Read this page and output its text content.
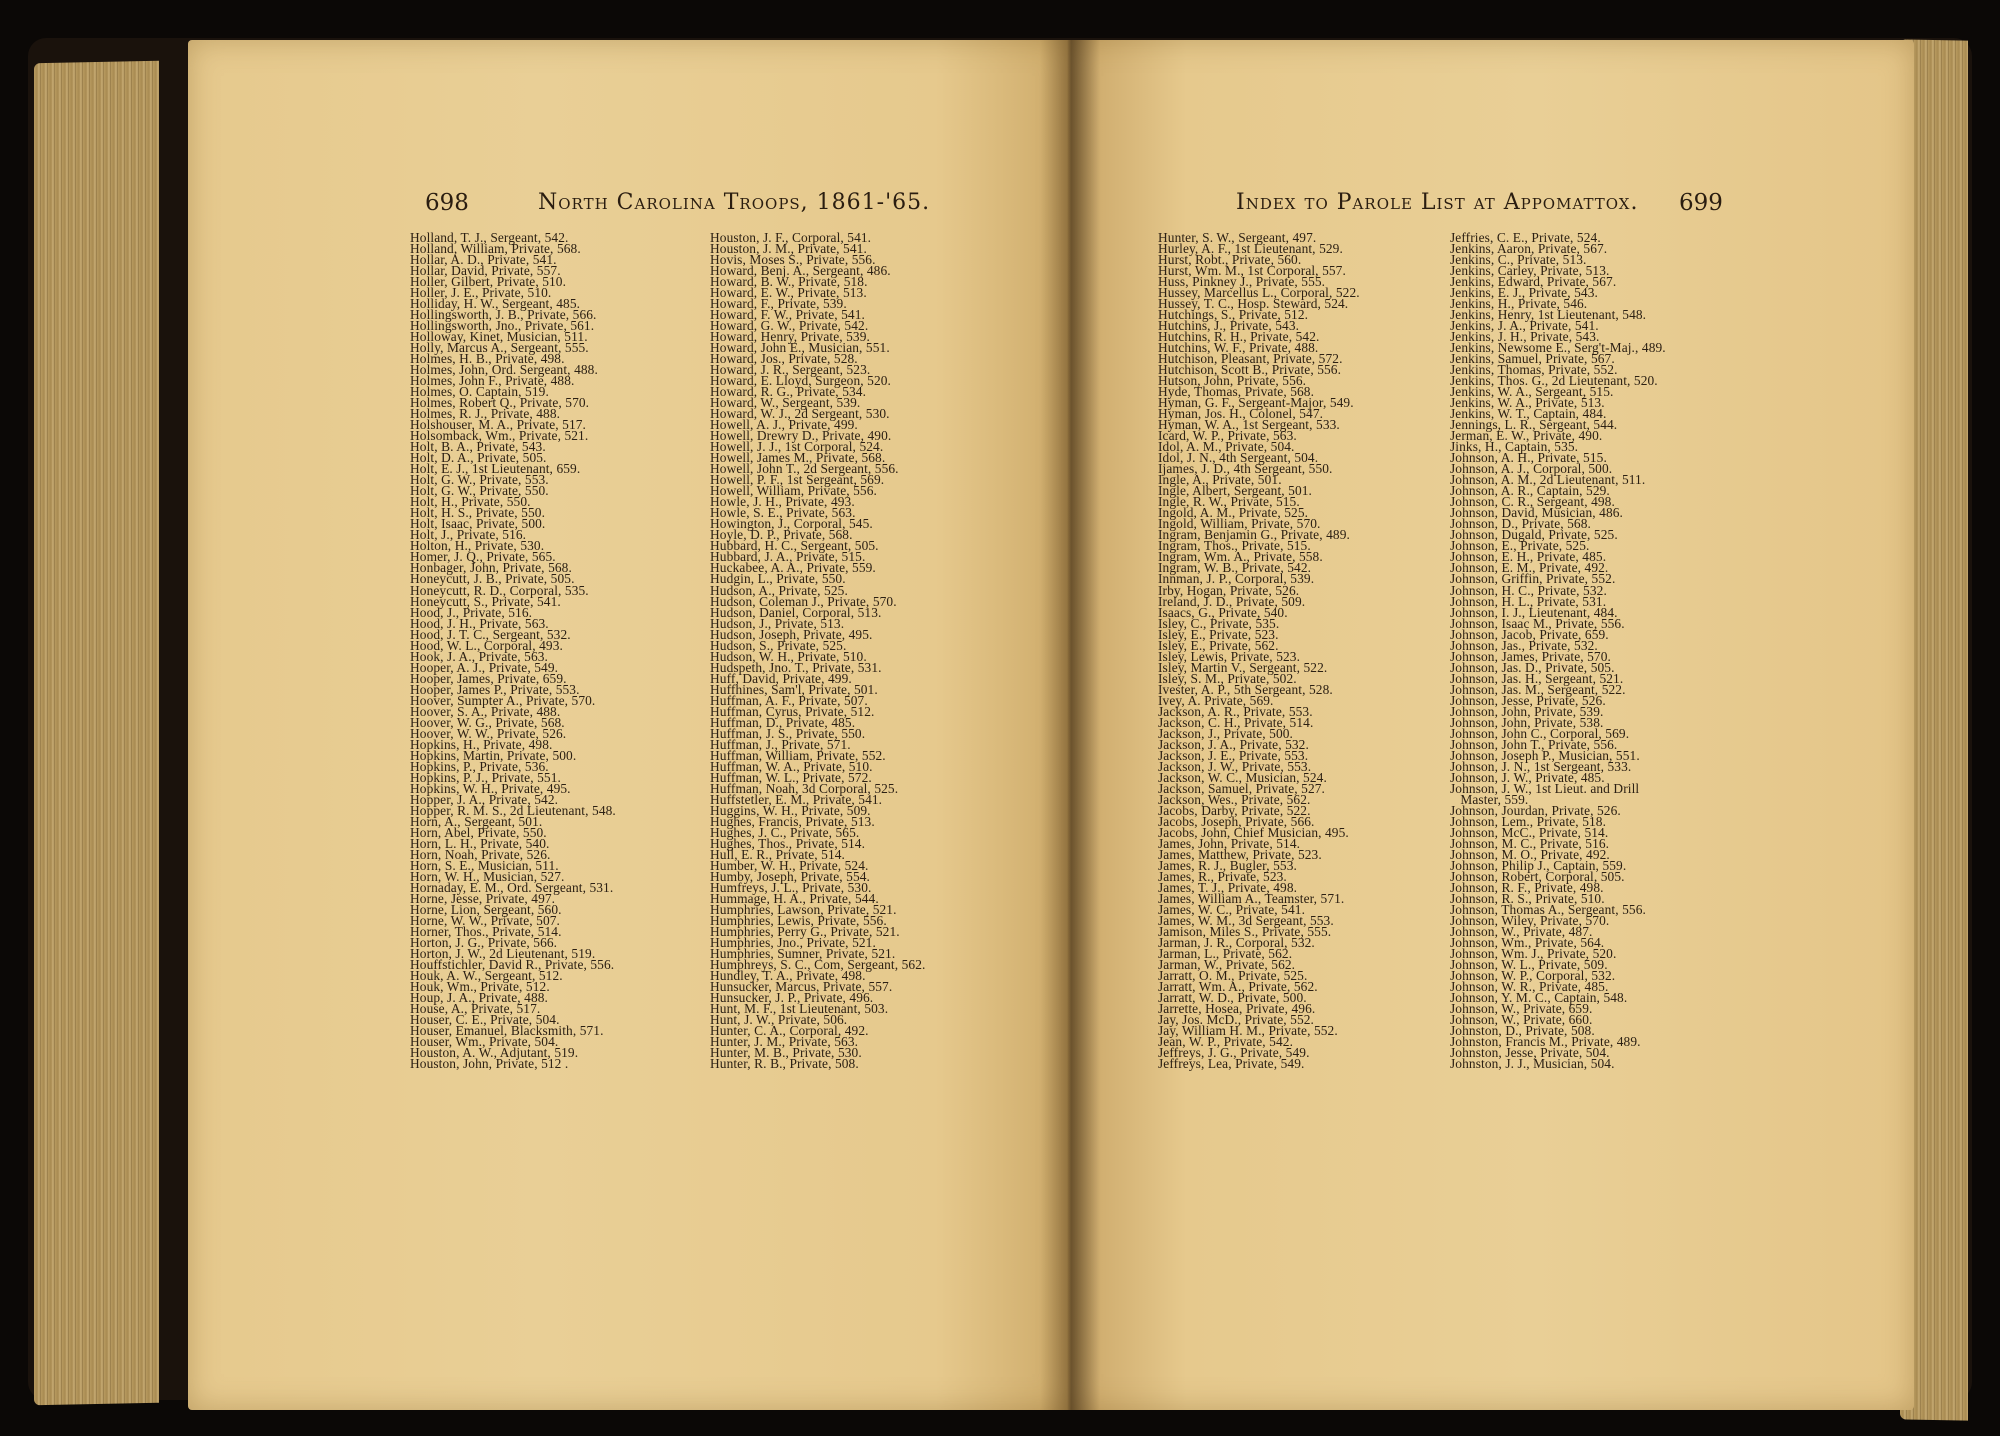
698	North Carolina Troops, 1861-'65.	Index to Parole List at Appomattox. 699
Holland, T. J., Sergeant, 542.
Holland, William, Private, 568.
Hollar, A. D., Private, 541.
Hollar, David, Private, 557.
Holler, Gilbert, Private, 510.
Holler, J. E., Private, 510.
Holliday, H. W., Sergeant, 485.
Hollingsworth, J. B., Private, 566.
Hollingsworth, Jno., Private, 561.
Holloway, Kinet, Musician, 511.
Holly, Marcus A., Sergeant, 555.
Holmes, H. B., Private, 498.
Holmes, John, Ord. Sergeant, 488.
Holmes, John F., Private, 488.
Holmes, O. Captain, 519.
Holmes, Robert Q., Private, 570.
Holmes, R. J., Private, 488.
Holshouser, M. A., Private, 517.
Holsomback, Wm., Private, 521.
Holt, B. A., Private, 543.
Holt, D. A., Private, 505.
Holt, E. J., 1st Lieutenant, 659.
Holt, G. W., Private, 553.
Holt, G. W., Private, 550.
Holt, H., Private, 550.
Holt, H. S., Private, 550.
Holt, Isaac, Private, 500.
Holt, J., Private, 516.
Holton, H., Private, 530.
Homer, J. Q., Private, 565.
Honbager, John, Private, 568.
Honeycutt, J. B., Private, 505.
Honeycutt, R. D., Corporal, 535.
Honeycutt, S., Private, 541.
Hood, J., Private, 516.
Hood, J. H., Private, 563.
Hood, J. T. C., Sergeant, 532.
Hood, W. L., Corporal, 493.
Hook, J. A., Private, 563.
Hooper, A. J., Private, 549.
Hooper, James, Private, 659.
Hooper, James P., Private, 553.
Hoover, Sumpter A., Private, 570.
Hoover, S. A., Private, 488.
Hoover, W. G., Private, 568.
Hoover, W. W., Private, 526.
Hopkins, H., Private, 498.
Hopkins, Martin, Private, 500.
Hopkins, P., Private, 536.
Hopkins, P. J., Private, 551.
Hopkins, W. H., Private, 495.
Hopper, J. A., Private, 542.
Hopper, R. M. S., 2d Lieutenant, 548.
Horn, A., Sergeant, 501.
Horn, Abel, Private, 550.
Horn, L. H., Private, 540.
Horn, Noah, Private, 526.
Horn, S. E., Musician, 511.
Horn, W. H., Musician, 527.
Hornaday, E. M., Ord. Sergeant, 531.
Horne, Jesse, Private, 497.
Horne, Lion, Sergeant, 560.
Horne, W. W., Private, 507.
Horner, Thos., Private, 514.
Horton, J. G., Private, 566.
Horton, J. W., 2d Lieutenant, 519.
Houffstichler, David R., Private, 556.
Houk, A. W., Sergeant, 512.
Houk, Wm., Private, 512.
Houp, J. A., Private, 488.
House, A., Private, 517.
Houser, C. E., Private, 504.
Houser, Emanuel, Blacksmith, 571.
Houser, Wm., Private, 504.
Houston, A. W., Adjutant, 519.
Houston, John, Private, 512 .
Houston, J. F., Corporal, 541.
Houston, J. M., Private, 541.
Hovis, Moses S., Private, 556.
Howard, Benj. A., Sergeant, 486.
Howard, B. W., Private, 518.
Howard, E. W., Private, 513.
Howard, F., Private, 539.
Howard, F. W., Private, 541.
Howard, G. W., Private, 542.
Howard, Henry, Private, 539.
Howard, John E., Musician, 551.
Howard, Jos., Private, 528.
Howard, J. R., Sergeant, 523.
Howard, E. Lloyd, Surgeon, 520.
Howard, R. G., Private, 534.
Howard, W., Sergeant, 539.
Howard, W. J., 2d Sergeant, 530.
Howell, A. J., Private, 499.
Howell, Drewry D., Private, 490.
Howell, J. J., 1st Corporal, 524.
Howell, James M., Private, 568.
Howell, John T., 2d Sergeant, 556.
Howell, P. F., 1st Sergeant, 569.
Howell, William, Private, 556.
Howle, J. H., Private, 493.
Howle, S. E., Private, 563.
Howington, J., Corporal, 545.
Hoyle, D. P., Private, 568.
Hubbard, H. C., Sergeant, 505.
Hubbard, J. A., Private, 515.
Huckabee, A. A., Private, 559.
Hudgin, L., Private, 550.
Hudson, A., Private, 525.
Hudson, Coleman J., Private, 570.
Hudson, Daniel, Corporal, 513.
Hudson, J., Private, 513.
Hudson, Joseph, Private, 495.
Hudson, S., Private, 525.
Hudson, W. H., Private, 510.
Hudspeth, Jno. T., Private, 531.
Huff, David, Private, 499.
Huffhines, Sam'l, Private, 501.
Huffman, A. F., Private, 507.
Huffman, Cyrus, Private, 512.
Huffman, D., Private, 485.
Huffman, J. S., Private, 550.
Huffman, J., Private, 571.
Huffman, William, Private, 552.
Huffman, W. A., Private, 510.
Huffman, W. L., Private, 572.
Huffman, Noah, 3d Corporal, 525.
Huffstetler, E. M., Private, 541.
Huggins, W. H., Private, 509.
Hughes, Francis, Private, 513.
Hughes, J. C., Private, 565.
Hughes, Thos., Private, 514.
Hull, E. R., Private, 514.
Humber, W. H., Private, 524.
Humby, Joseph, Private, 554.
Humfreys, J. L., Private, 530.
Hummage, H. A., Private, 544.
Humphries, Lawson, Private, 521.
Humphries, Lewis, Private, 556.
Humphries, Perry G., Private, 521.
Humphries, Jno., Private, 521.
Humphries, Sumner, Private, 521.
Humphreys, S. C., Com, Sergeant, 562.
Hundley, T. A., Private, 498.
Hunsucker, Marcus, Private, 557.
Hunsucker, J. P., Private, 496.
Hunt, M. F., 1st Lieutenant, 503.
Hunt, J. W., Private, 506.
Hunter, C. A., Corporal, 492.
Hunter, J. M., Private, 563.
Hunter, M. B., Private, 530.
Hunter, R. B., Private, 508.
Hunter, S. W., Sergeant, 497.
Hurley, A. F., 1st Lieutenant, 529.
Hurst, Robt., Private, 560.
Hurst, Wm. M., 1st Corporal, 557.
Huss, Pinkney J., Private, 555.
Hussey, Marcellus L., Corporal, 522.
Hussey, T. C., Hosp. Steward, 524.
Hutchings, S., Private, 512.
Hutchins, J., Private, 543.
Hutchins, R. H., Private, 542.
Hutchins, W. F., Private, 488.
Hutchison, Pleasant, Private, 572.
Hutchison, Scott B., Private, 556.
Hutson, John, Private, 556.
Hyde, Thomas, Private, 568.
Hyman, G. F., Sergeant-Major, 549.
Hyman, Jos. H., Colonel, 547.
Hyman, W. A., 1st Sergeant, 533.
Icard, W. P., Private, 563.
Idol, A. M., Private, 504.
Idol, J. N., 4th Sergeant, 504.
Ijames, J. D., 4th Sergeant, 550.
Ingle, A., Private, 501.
Ingle, Albert, Sergeant, 501.
Ingle, R. W., Private, 515.
Ingold, A. M., Private, 525.
Ingold, William, Private, 570.
Ingram, Benjamin G., Private, 489.
Ingram, Thos., Private, 515.
Ingram, Wm. A., Private, 558.
Ingram, W. B., Private, 542.
Innman, J. P., Corporal, 539.
Irby, Hogan, Private, 526.
Ireland, J. D., Private, 509.
Isaacs, G., Private, 540.
Isley, C., Private, 535.
Isley, E., Private, 523.
Isley, E., Private, 562.
Isley, Lewis, Private, 523.
Isley, Martin V., Sergeant, 522.
Isley, S. M., Private, 502.
Ivester, A. P., 5th Sergeant, 528.
Ivey, A. Private, 569.
Jackson, A. R., Private, 553.
Jackson, C. H., Private, 514.
Jackson, J., Private, 500.
Jackson, J. A., Private, 532.
Jackson, J. E., Private, 553.
Jackson, J. W., Private, 553.
Jackson, W. C., Musician, 524.
Jackson, Samuel, Private, 527.
Jackson, Wes., Private, 562.
Jacobs, Darby, Private, 522.
Jacobs, Joseph, Private, 566.
Jacobs, John, Chief Musician, 495.
James, John, Private, 514.
James, Matthew, Private, 523.
James, R. J., Bugler, 553.
James, R., Private, 523.
James, T. J., Private, 498.
James, William A., Teamster, 571.
James, W. C., Private, 541.
James, W. M., 3d Sergeant, 553.
Jamison, Miles S., Private, 555.
Jarman, J. R., Corporal, 532.
Jarman, L., Private, 562.
Jarman, W., Private, 562.
Jarratt, O. M., Private, 525.
Jarratt, Wm. A., Private, 562.
Jarratt, W. D., Private, 500.
Jarrette, Hosea, Private, 496.
Jay, Jos. McD., Private, 552.
Jay, William H. M., Private, 552.
Jean, W. P., Private, 542.
Jeffreys, J. G., Private, 549.
Jeffreys, Lea, Private, 549.
Jeffries, C. E., Private, 524.
Jenkins, Aaron, Private, 567.
Jenkins, C., Private, 513.
Jenkins, Carley, Private, 513.
Jenkins, Edward, Private, 567.
Jenkins, E. J., Private, 543.
Jenkins, H., Private, 546.
Jenkins, Henry, 1st Lieutenant, 548.
Jenkins, J. A., Private, 541.
Jenkins, J. H., Private, 543.
Jenkins, Newsome E., Serg't-Maj., 489.
Jenkins, Samuel, Private, 567.
Jenkins, Thomas, Private, 552.
Jenkins, Thos. G., 2d Lieutenant, 520.
Jenkins, W. A., Sergeant, 515.
Jenkins, W. A., Private, 513.
Jenkins, W. T., Captain, 484.
Jennings, L. R., Sergeant, 544.
Jerman, E. W., Private, 490.
Jinks, H., Captain, 535.
Johnson, A. H., Private, 515.
Johnson, A. J., Corporal, 500.
Johnson, A. M., 2d Lieutenant, 511.
Johnson, A. R., Captain, 529.
Johnson, C. R., Sergeant, 498.
Johnson, David, Musician, 486.
Johnson, D., Private, 568.
Johnson, Dugald, Private, 525.
Johnson, E., Private, 525.
Johnson, E. H., Private, 485.
Johnson, E. M., Private, 492.
Johnson, Griffin, Private, 552.
Johnson, H. C., Private, 532.
Johnson, H. L., Private, 531.
Johnson, I. J., Lieutenant, 484.
Johnson, Isaac M., Private, 556.
Johnson, Jacob, Private, 659.
Johnson, Jas., Private, 532.
Johnson, James, Private, 570.
Johnson, Jas. D., Private, 505.
Johnson, Jas. H., Sergeant, 521.
Johnson, Jas. M., Sergeant, 522.
Johnson, Jesse, Private, 526.
Johnson, John, Private, 539.
Johnson, John, Private, 538.
Johnson, John C., Corporal, 569.
Johnson, John T., Private, 556.
Johnson, Joseph P., Musician, 551.
Johnson, J. N., 1st Sergeant, 533.
Johnson, J. W., Private, 485.
Johnson, J. W., 1st Lieut. and Drill
Master, 559.
Johnson, Jourdan, Private, 526.
Johnson, Lem., Private, 518.
Johnson, McC., Private, 514.
Johnson, M. C., Private, 516.
Johnson, M. O., Private, 492.
Johnson, Philip J., Captain, 559.
Johnson, Robert, Corporal, 505.
Johnson, R. F., Private, 498.
Johnson, R. S., Private, 510.
Johnson, Thomas A., Sergeant, 556.
Johnson, Wiley, Private, 570.
Johnson, W., Private, 487.
Johnson, Wm., Private, 564.
Johnson, Wm. J., Private, 520.
Johnson, W. L., Private, 509.
Johnson, W. P., Corporal, 532.
Johnson, W. R., Private, 485.
Johnson, Y. M. C., Captain, 548.
Johnson, W., Private, 659.
Johnson, W., Private, 660.
Johnston, D., Private, 508.
Johnston, Francis M., Private, 489.
Johnston, Jesse, Private, 504.
Johnston, J. J., Musician, 504.
